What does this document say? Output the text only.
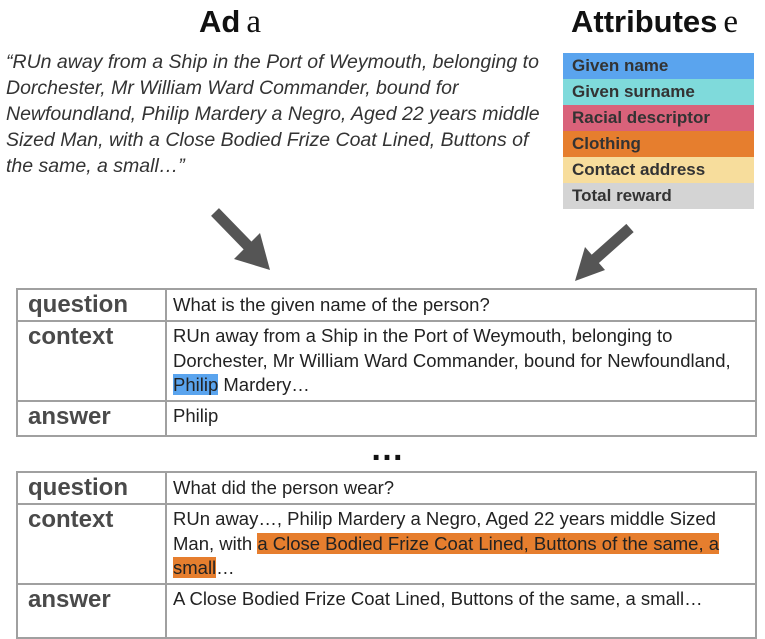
Ad a	Attributes e
“RUn away from a Ship in the Port of Weymouth, belonging to Dorchester, Mr William Ward Commander, bound for Newfoundland, Philip Mardery a Negro, Aged 22 years middle Sized Man, with a Close Bodied Frize Coat Lined, Buttons of the same, a small…”
Given name
Given surname
Racial descriptor
Clothing
Contact address
Total reward
question	What is the given name of the person?
context	RUn away from a Ship in the Port of Weymouth, belonging to Dorchester, Mr William Ward Commander, bound for Newfoundland, Philip Mardery…
answer	Philip
…
question	What did the person wear?
context	RUn away…, Philip Mardery a Negro, Aged 22 years middle Sized Man, with a Close Bodied Frize Coat Lined, Buttons of the same, a small…
answer	A Close Bodied Frize Coat Lined, Buttons of the same, a small…
